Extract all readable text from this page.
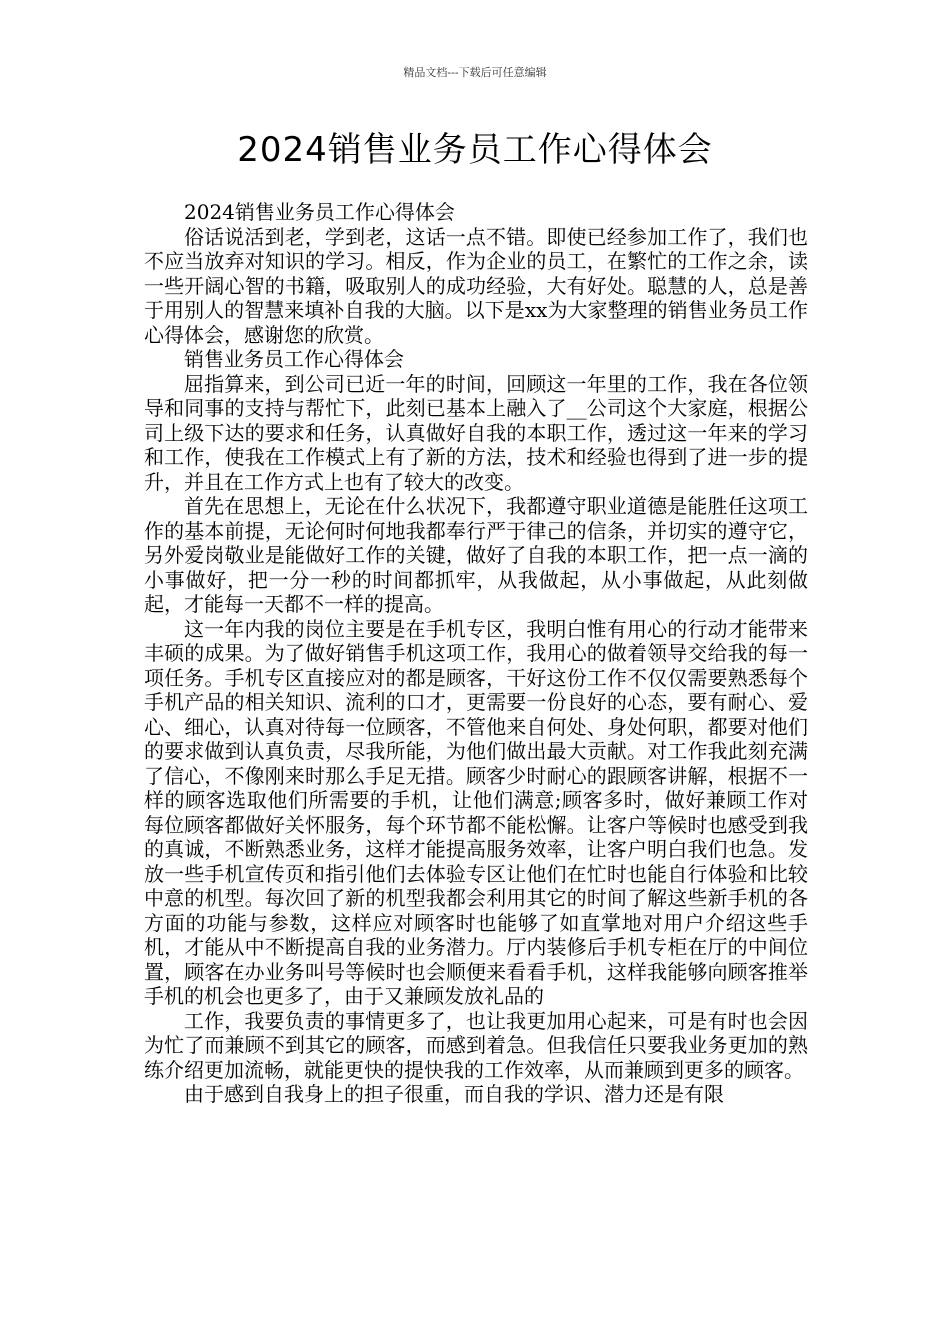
精品文档---下载后可任意编辑
2024销售业务员工作心得体会

2024销售业务员工作心得体会

俗话说活到老，学到老，这话一点不错。即使已经参加工作了，我们也不应当放弃对知识的学习。相反，作为企业的员工，在繁忙的工作之余，读一些开阔心智的书籍，吸取别人的成功经验，大有好处。聪慧的人，总是善于用别人的智慧来填补自我的大脑。以下是xx为大家整理的销售业务员工作心得体会，感谢您的欣赏。

销售业务员工作心得体会

屈指算来，到公司已近一年的时间，回顾这一年里的工作，我在各位领导和同事的支持与帮忙下，此刻已基本上融入了__公司这个大家庭，根据公司上级下达的要求和任务，认真做好自我的本职工作，透过这一年来的学习和工作，使我在工作模式上有了新的方法，技术和经验也得到了进一步的提升，并且在工作方式上也有了较大的改变。

首先在思想上，无论在什么状况下，我都遵守职业道德是能胜任这项工作的基本前提，无论何时何地我都奉行严于律己的信条，并切实的遵守它，另外爱岗敬业是能做好工作的关键，做好了自我的本职工作，把一点一滴的小事做好，把一分一秒的时间都抓牢，从我做起，从小事做起，从此刻做起，才能每一天都不一样的提高。

这一年内我的岗位主要是在手机专区，我明白惟有用心的行动才能带来丰硕的成果。为了做好销售手机这项工作，我用心的做着领导交给我的每一项任务。手机专区直接应对的都是顾客，干好这份工作不仅仅需要熟悉每个手机产品的相关知识、流利的口才，更需要一份良好的心态，要有耐心、爱心、细心，认真对待每一位顾客，不管他来自何处、身处何职，都要对他们的要求做到认真负责，尽我所能，为他们做出最大贡献。对工作我此刻充满了信心，不像刚来时那么手足无措。顾客少时耐心的跟顾客讲解，根据不一样的顾客选取他们所需要的手机，让他们满意;顾客多时，做好兼顾工作对每位顾客都做好关怀服务，每个环节都不能松懈。让客户等候时也感受到我的真诚，不断熟悉业务，这样才能提高服务效率，让客户明白我们也急。发放一些手机宣传页和指引他们去体验专区让他们在忙时也能自行体验和比较中意的机型。每次回了新的机型我都会利用其它的时间了解这些新手机的各方面的功能与参数，这样应对顾客时也能够了如直掌地对用户介绍这些手机，才能从中不断提高自我的业务潜力。厅内装修后手机专柜在厅的中间位置，顾客在办业务叫号等候时也会顺便来看看手机，这样我能够向顾客推举手机的机会也更多了，由于又兼顾发放礼品的

工作，我要负责的事情更多了，也让我更加用心起来，可是有时也会因为忙了而兼顾不到其它的顾客，而感到着急。但我信任只要我业务更加的熟练介绍更加流畅，就能更快的提快我的工作效率，从而兼顾到更多的顾客。

由于感到自我身上的担子很重，而自我的学识、潜力还是有限
